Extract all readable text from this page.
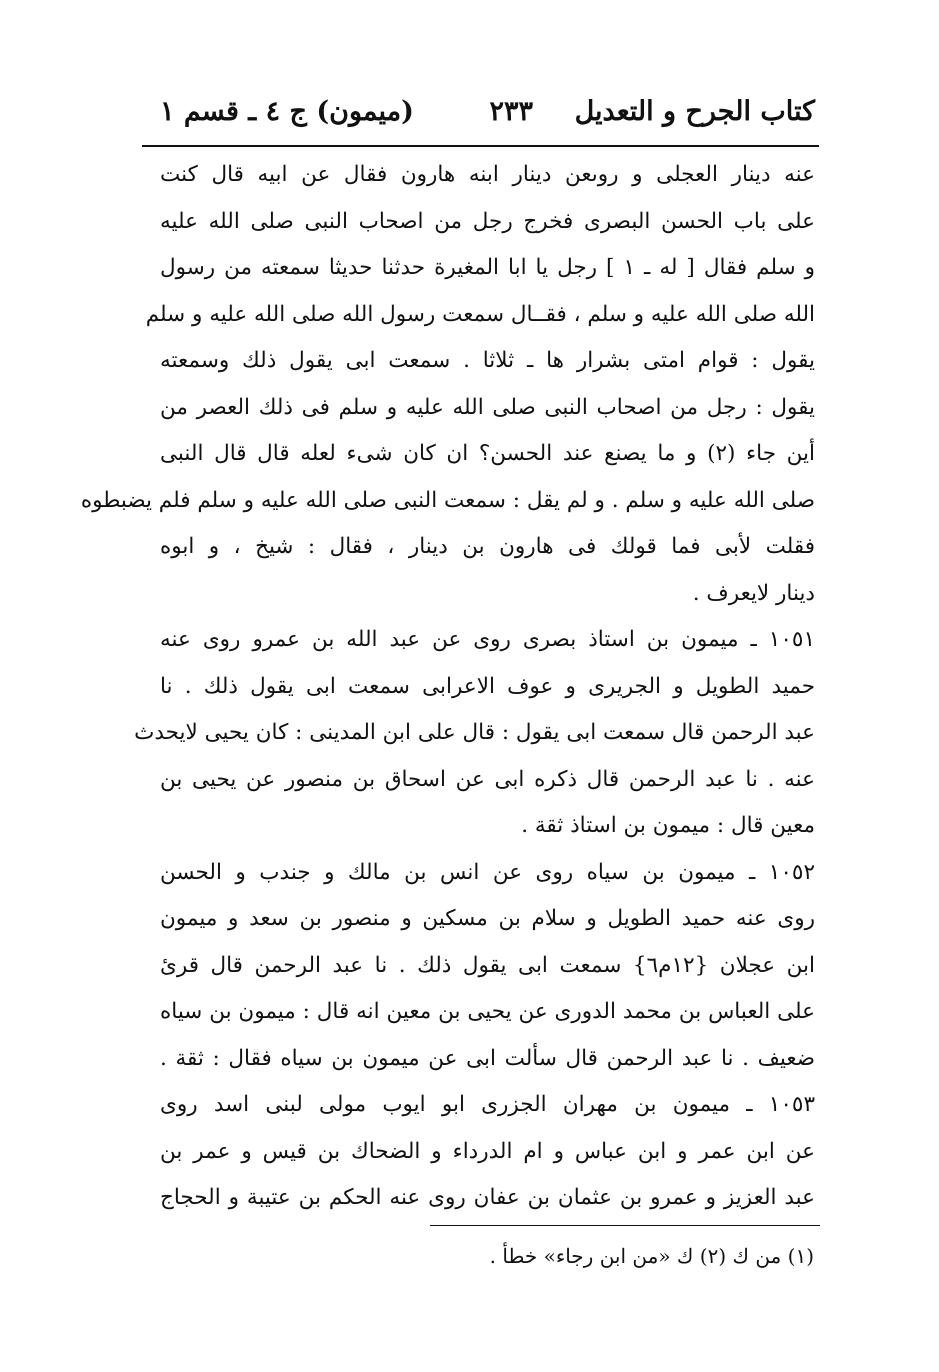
كتاب الجرح و التعديل
٢٣٣
(ميمون) ج ٤ ـ قسم ١
عنه دينار العجلى و روىعن دينار ابنه هارون فقال عن ابيه قال كنت
على باب الحسن البصرى فخرج رجل من اصحاب النبى صلى الله عليه
و سلم فقال [ له ـ ١ ] رجل يا ابا المغيرة حدثنا حديثا سمعته من رسول
الله صلى الله عليه و سلم ، فقــال سمعت رسول الله صلى الله عليه و سلم
يقول : قوام امتى بشرار ها ـ ثلاثا . سمعت ابى يقول ذلك وسمعته
يقول : رجل من اصحاب النبى صلى الله عليه و سلم فى ذلك العصر من
أين جاء (٢) و ما يصنع عند الحسن؟ ان كان شىء لعله قال قال النبى
صلى الله عليه و سلم . و لم يقل : سمعت النبى صلى الله عليه و سلم فلم يضبطوه
فقلت لأبى فما قولك فى هارون بن دينار ، فقال : شيخ ، و ابوه
دينار لايعرف .
١٠٥١ ـ ميمون بن استاذ بصرى روى عن عبد الله بن عمرو روى عنه
حميد الطويل و الجريرى و عوف الاعرابى سمعت ابى يقول ذلك . نا
عبد الرحمن قال سمعت ابى يقول : قال على ابن المدينى : كان يحيى لايحدث
عنه . نا عبد الرحمن قال ذكره ابى عن اسحاق بن منصور عن يحيى بن
معين قال : ميمون بن استاذ ثقة .
١٠٥٢ ـ ميمون بن سياه روى عن انس بن مالك و جندب و الحسن
روى عنه حميد الطويل و سلام بن مسكين و منصور بن سعد و ميمون
ابن عجلان {١٢م٦} سمعت ابى يقول ذلك . نا عبد الرحمن قال قرئ
على العباس بن محمد الدورى عن يحيى بن معين انه قال : ميمون بن سياه
ضعيف . نا عبد الرحمن قال سألت ابى عن ميمون بن سياه فقال : ثقة .
١٠٥٣ ـ ميمون بن مهران الجزرى ابو ايوب مولى لبنى اسد روى
عن ابن عمر و ابن عباس و ام الدرداء و الضحاك بن قيس و عمر بن
عبد العزيز و عمرو بن عثمان بن عفان روى عنه الحكم بن عتيبة و الحجاج
(١) من ك (٢) ك «من ابن رجاء» خطأ .
